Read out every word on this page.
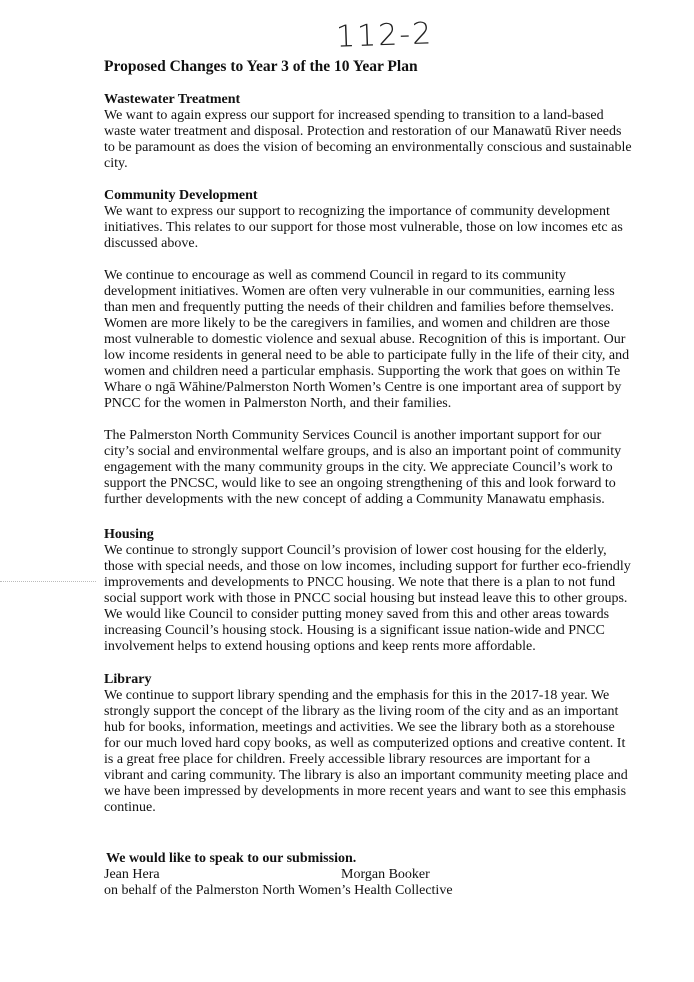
112-2
Proposed Changes to Year 3 of the 10 Year Plan

Wastewater Treatment

We want to again express our support for increased spending to transition to a land-based
waste water treatment and disposal. Protection and restoration of our Manawatū River needs
to be paramount as does the vision of becoming an environmentally conscious and sustainable
city.

Community Development

We want to express our support to recognizing the importance of community development
initiatives. This relates to our support for those most vulnerable, those on low incomes etc as
discussed above.

We continue to encourage as well as commend Council in regard to its community
development initiatives. Women are often very vulnerable in our communities, earning less
than men and frequently putting the needs of their children and families before themselves.
Women are more likely to be the caregivers in families, and women and children are those
most vulnerable to domestic violence and sexual abuse. Recognition of this is important. Our
low income residents in general need to be able to participate fully in the life of their city, and
women and children need a particular emphasis. Supporting the work that goes on within Te
Whare o ngā Wāhine/Palmerston North Women’s Centre is one important area of support by
PNCC for the women in Palmerston North, and their families.

The Palmerston North Community Services Council is another important support for our
city’s social and environmental welfare groups, and is also an important point of community
engagement with the many community groups in the city. We appreciate Council’s work to
support the PNCSC, would like to see an ongoing strengthening of this and look forward to
further developments with the new concept of adding a Community Manawatu emphasis.

Housing

We continue to strongly support Council’s provision of lower cost housing for the elderly,
those with special needs, and those on low incomes, including support for further eco-friendly
improvements and developments to PNCC housing. We note that there is a plan to not fund
social support work with those in PNCC social housing but instead leave this to other groups.
We would like Council to consider putting money saved from this and other areas towards
increasing Council’s housing stock. Housing is a significant issue nation-wide and PNCC
involvement helps to extend housing options and keep rents more affordable.

Library

We continue to support library spending and the emphasis for this in the 2017-18 year. We
strongly support the concept of the library as the living room of the city and as an important
hub for books, information, meetings and activities. We see the library both as a storehouse
for our much loved hard copy books, as well as computerized options and creative content. It
is a great free place for children. Freely accessible library resources are important for a
vibrant and caring community. The library is also an important community meeting place and
we have been impressed by developments in more recent years and want to see this emphasis
continue.

We would like to speak to our submission.

Jean Hera	Morgan Booker

on behalf of the Palmerston North Women’s Health Collective
